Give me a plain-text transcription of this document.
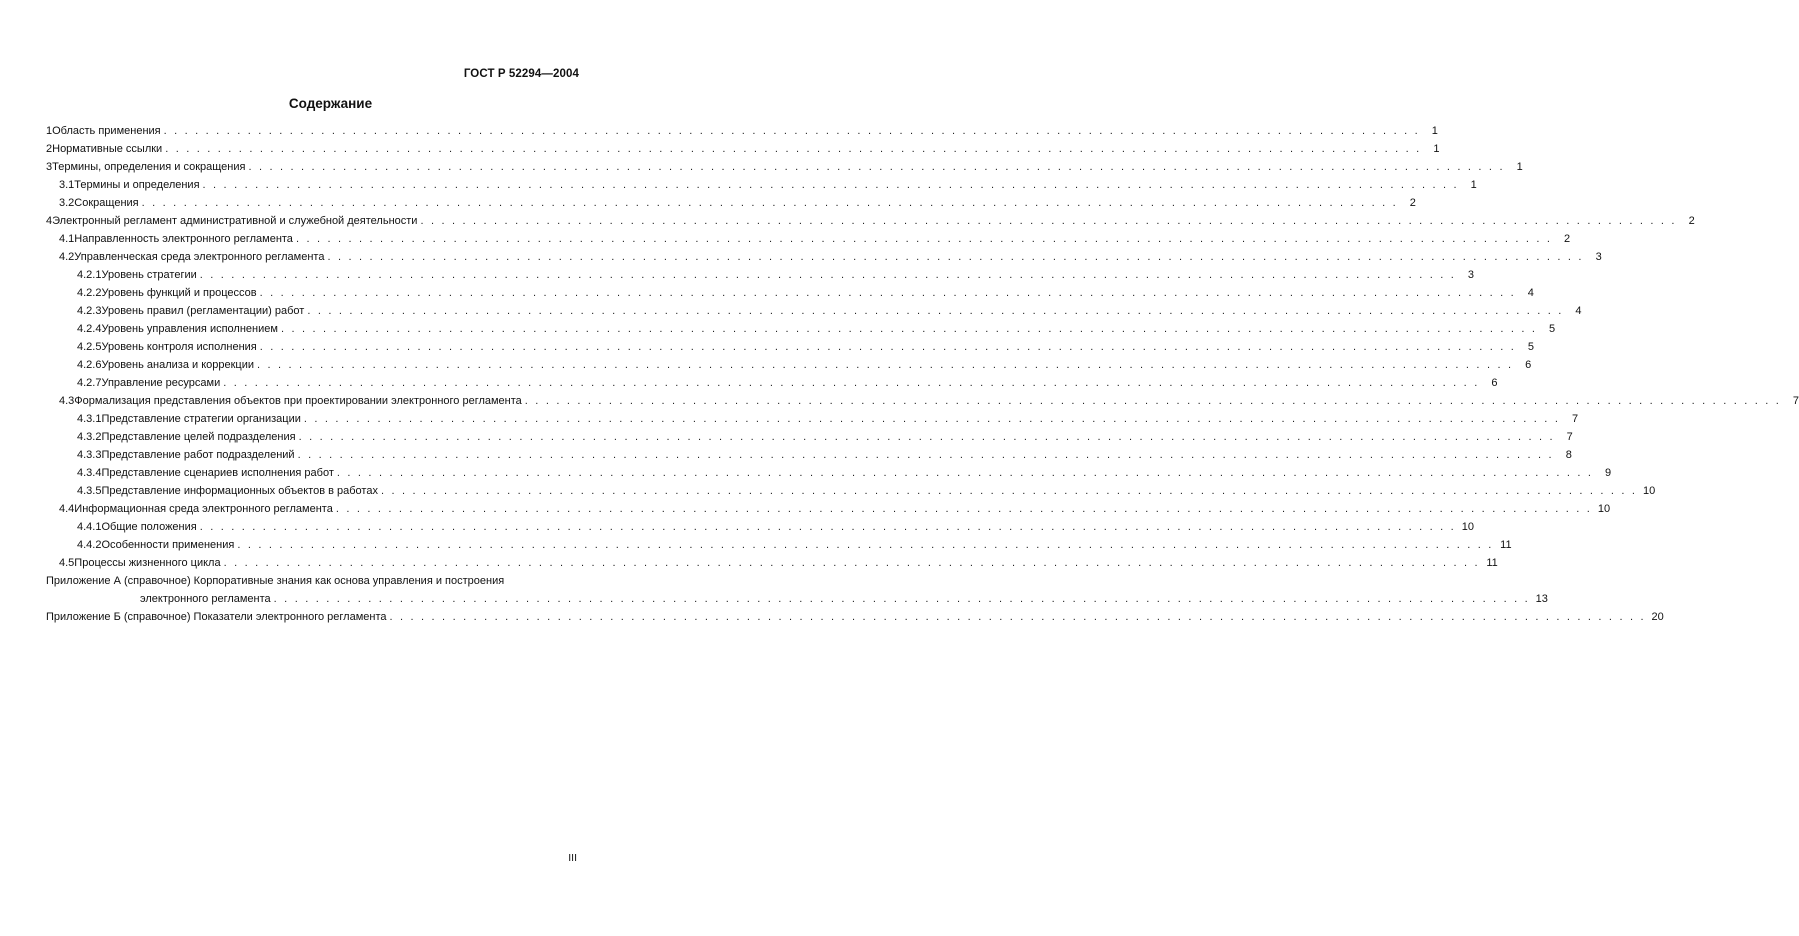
ГОСТ Р 52294—2004
Содержание
1 Область применения . . . . . . . . . . . . . . . . . . . . . . . . . . . . . . . . . . . . . . . . . . . . . . . . . . . . . . . . . . . . . . . . . . . . . . . . . . . . . . . . . . . . . . . . . . . . . . . . . . . . . . . . . . . . . . . . . . . . . . . .	1
2 Нормативные ссылки . . . . . . . . . . . . . . . . . . . . . . . . . . . . . . . . . . . . . . . . . . . . . . . . . . . . . . . . . . . . . . . . . . . . . . . . . . . . . . . . . . . . . . . . . . . . . . . . . . . . . . . . . . . . . . . . . . . . . . . .	1
3 Термины, определения и сокращения . . . . . . . . . . . . . . . . . . . . . . . . . . . . . . . . . . . . . . . . . . . . . . . . . . . . . . . . . . . . . . . . . . . . . . . . . . . . . . . . . . . . . . . . . . . . . . . . . . . . . . . . . . . . . . . . . . . . . . . .	1
3.1 Термины и определения . . . . . . . . . . . . . . . . . . . . . . . . . . . . . . . . . . . . . . . . . . . . . . . . . . . . . . . . . . . . . . . . . . . . . . . . . . . . . . . . . . . . . . . . . . . . . . . . . . . . . . . . . . . . . . . . . . . . . . . .	1
3.2 Сокращения . . . . . . . . . . . . . . . . . . . . . . . . . . . . . . . . . . . . . . . . . . . . . . . . . . . . . . . . . . . . . . . . . . . . . . . . . . . . . . . . . . . . . . . . . . . . . . . . . . . . . . . . . . . . . . . . . . . . . . . .	2
4 Электронный регламент административной и служебной деятельности . . . . . . . . . . . . . . . . . . . . . . . . . . . . . . . . . . . . . . . . . . . . . . . . . . . . . . . . . . . . . . . . . . . . . . . . . . . . . . . . . . . . . . . . . . . . . . . . . . . . . . . . . . . . . . . . . . . . . . . .	2
4.1 Направленность электронного регламента . . . . . . . . . . . . . . . . . . . . . . . . . . . . . . . . . . . . . . . . . . . . . . . . . . . . . . . . . . . . . . . . . . . . . . . . . . . . . . . . . . . . . . . . . . . . . . . . . . . . . . . . . . . . . . . . . . . . . . . .	2
4.2 Управленческая среда электронного регламента . . . . . . . . . . . . . . . . . . . . . . . . . . . . . . . . . . . . . . . . . . . . . . . . . . . . . . . . . . . . . . . . . . . . . . . . . . . . . . . . . . . . . . . . . . . . . . . . . . . . . . . . . . . . . . . . . . . . . . . .	3
4.2.1 Уровень стратегии . . . . . . . . . . . . . . . . . . . . . . . . . . . . . . . . . . . . . . . . . . . . . . . . . . . . . . . . . . . . . . . . . . . . . . . . . . . . . . . . . . . . . . . . . . . . . . . . . . . . . . . . . . . . . . . . . . . . . . . .	3
4.2.2 Уровень функций и процессов . . . . . . . . . . . . . . . . . . . . . . . . . . . . . . . . . . . . . . . . . . . . . . . . . . . . . . . . . . . . . . . . . . . . . . . . . . . . . . . . . . . . . . . . . . . . . . . . . . . . . . . . . . . . . . . . . . . . . . . .	4
4.2.3 Уровень правил (регламентации) работ . . . . . . . . . . . . . . . . . . . . . . . . . . . . . . . . . . . . . . . . . . . . . . . . . . . . . . . . . . . . . . . . . . . . . . . . . . . . . . . . . . . . . . . . . . . . . . . . . . . . . . . . . . . . . . . . . . . . . . . .	4
4.2.4 Уровень управления исполнением . . . . . . . . . . . . . . . . . . . . . . . . . . . . . . . . . . . . . . . . . . . . . . . . . . . . . . . . . . . . . . . . . . . . . . . . . . . . . . . . . . . . . . . . . . . . . . . . . . . . . . . . . . . . . . . . . . . . . . . .	5
4.2.5 Уровень контроля исполнения . . . . . . . . . . . . . . . . . . . . . . . . . . . . . . . . . . . . . . . . . . . . . . . . . . . . . . . . . . . . . . . . . . . . . . . . . . . . . . . . . . . . . . . . . . . . . . . . . . . . . . . . . . . . . . . . . . . . . . . .	5
4.2.6 Уровень анализа и коррекции . . . . . . . . . . . . . . . . . . . . . . . . . . . . . . . . . . . . . . . . . . . . . . . . . . . . . . . . . . . . . . . . . . . . . . . . . . . . . . . . . . . . . . . . . . . . . . . . . . . . . . . . . . . . . . . . . . . . . . . .	6
4.2.7 Управление ресурсами . . . . . . . . . . . . . . . . . . . . . . . . . . . . . . . . . . . . . . . . . . . . . . . . . . . . . . . . . . . . . . . . . . . . . . . . . . . . . . . . . . . . . . . . . . . . . . . . . . . . . . . . . . . . . . . . . . . . . . . .	6
4.3 Формализация представления объектов при проектировании электронного регламента . . . . . . . . . . . . . . . . . . . . . . . . . . . . . . . . . . . . . . . . . . . . . . . . . . . . . . . . . . . . . . . . . . . . . . . . . . . . . . . . . . . . . . . . . . . . . . . . . . . . . . . . . . . . . . . . . . . . . . . .	7
4.3.1 Представление стратегии организации . . . . . . . . . . . . . . . . . . . . . . . . . . . . . . . . . . . . . . . . . . . . . . . . . . . . . . . . . . . . . . . . . . . . . . . . . . . . . . . . . . . . . . . . . . . . . . . . . . . . . . . . . . . . . . . . . . . . . . . .	7
4.3.2 Представление целей подразделения . . . . . . . . . . . . . . . . . . . . . . . . . . . . . . . . . . . . . . . . . . . . . . . . . . . . . . . . . . . . . . . . . . . . . . . . . . . . . . . . . . . . . . . . . . . . . . . . . . . . . . . . . . . . . . . . . . . . . . . .	7
4.3.3 Представление работ подразделений . . . . . . . . . . . . . . . . . . . . . . . . . . . . . . . . . . . . . . . . . . . . . . . . . . . . . . . . . . . . . . . . . . . . . . . . . . . . . . . . . . . . . . . . . . . . . . . . . . . . . . . . . . . . . . . . . . . . . . . .	8
4.3.4 Представление сценариев исполнения работ . . . . . . . . . . . . . . . . . . . . . . . . . . . . . . . . . . . . . . . . . . . . . . . . . . . . . . . . . . . . . . . . . . . . . . . . . . . . . . . . . . . . . . . . . . . . . . . . . . . . . . . . . . . . . . . . . . . . . . . .	9
4.3.5 Представление информационных объектов в работах . . . . . . . . . . . . . . . . . . . . . . . . . . . . . . . . . . . . . . . . . . . . . . . . . . . . . . . . . . . . . . . . . . . . . . . . . . . . . . . . . . . . . . . . . . . . . . . . . . . . . . . . . . . . . . . . . . . . . . . . 10
4.4 Информационная среда электронного регламента . . . . . . . . . . . . . . . . . . . . . . . . . . . . . . . . . . . . . . . . . . . . . . . . . . . . . . . . . . . . . . . . . . . . . . . . . . . . . . . . . . . . . . . . . . . . . . . . . . . . . . . . . . . . . . . . . . . . . . . . 10
4.4.1 Общие положения . . . . . . . . . . . . . . . . . . . . . . . . . . . . . . . . . . . . . . . . . . . . . . . . . . . . . . . . . . . . . . . . . . . . . . . . . . . . . . . . . . . . . . . . . . . . . . . . . . . . . . . . . . . . . . . . . . . . . . . . 10
4.4.2 Особенности применения . . . . . . . . . . . . . . . . . . . . . . . . . . . . . . . . . . . . . . . . . . . . . . . . . . . . . . . . . . . . . . . . . . . . . . . . . . . . . . . . . . . . . . . . . . . . . . . . . . . . . . . . . . . . . . . . . . . . . . . . 11
4.5 Процессы жизненного цикла . . . . . . . . . . . . . . . . . . . . . . . . . . . . . . . . . . . . . . . . . . . . . . . . . . . . . . . . . . . . . . . . . . . . . . . . . . . . . . . . . . . . . . . . . . . . . . . . . . . . . . . . . . . . . . . . . . . . . . . . 11
Приложение А (справочное) Корпоративные знания как основа управления и построения
электронного регламента . . . . . . . . . . . . . . . . . . . . . . . . . . . . . . . . . . . . . . . . . . . . . . . . . . . . . . . . . . . . . . . . . . . . . . . . . . . . . . . . . . . . . . . . . . . . . . . . . . . . . . . . . . . . . . . . . . . . . . . . 13
Приложение Б (справочное) Показатели электронного регламента . . . . . . . . . . . . . . . . . . . . . . . . . . . . . . . . . . . . . . . . . . . . . . . . . . . . . . . . . . . . . . . . . . . . . . . . . . . . . . . . . . . . . . . . . . . . . . . . . . . . . . . . . . . . . . . . . . . . . . . . 20
III
